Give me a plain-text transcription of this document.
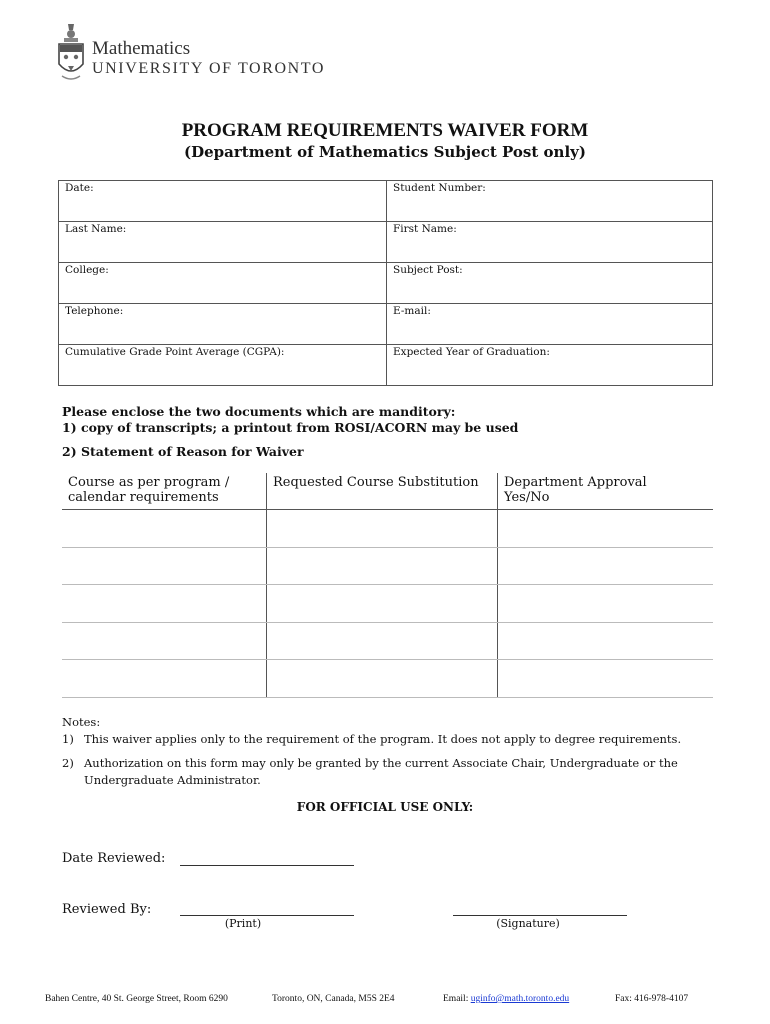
Mathematics
UNIVERSITY OF TORONTO
PROGRAM REQUIREMENTS WAIVER FORM
(Department of Mathematics Subject Post only)
Date:	Student Number:

Last Name:	First Name:

College:	Subject Post:

Telephone:	E-mail:

Cumulative Grade Point Average (CGPA):	Expected Year of Graduation:
Please enclose the two documents which are manditory:
1) copy of transcripts; a printout from ROSI/ACORN may be used
2) Statement of Reason for Waiver
Course as per program /
calendar requirements	Requested Course Substitution	Department Approval
Yes/No

Notes:
1) This waiver applies only to the requirement of the program. It does not apply to degree requirements.
2) Authorization on this form may only be granted by the current Associate Chair, Undergraduate or the Undergraduate Administrator.
FOR OFFICIAL USE ONLY:
Date Reviewed:
Reviewed By:
(Print)	(Signature)
Bahen Centre, 40 St. George Street, Room 6290	Toronto, ON, Canada, M5S 2E4	Email: uginfo@math.toronto.edu	Fax: 416-978-4107
